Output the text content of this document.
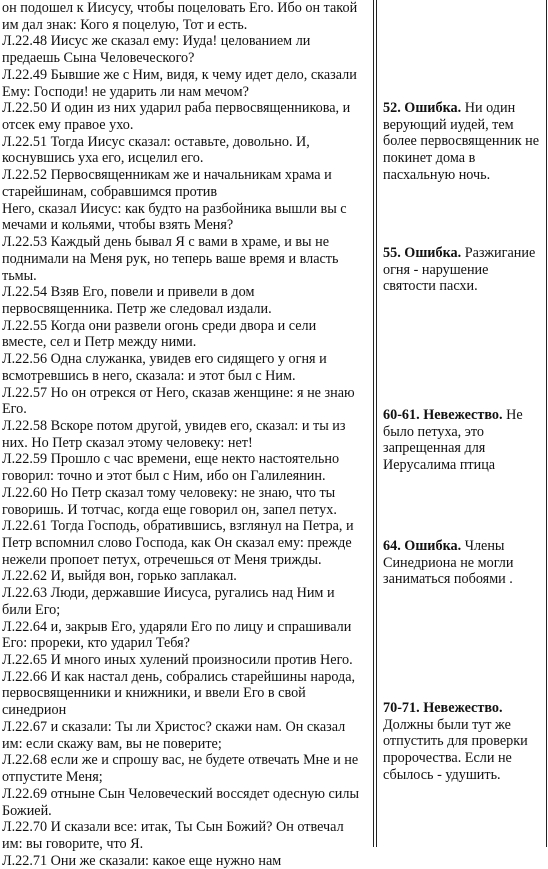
он подошел к Иисусу, чтобы поцеловать Его. Ибо он такой
им дал знак: Кого я поцелую, Тот и есть.
Л.22.48 Иисус же сказал ему: Иуда! целованием ли
предаешь Сына Человеческого?
Л.22.49 Бывшие же с Ним, видя, к чему идет дело, сказали
Ему: Господи! не ударить ли нам мечом?
Л.22.50 И один из них ударил раба первосвященникова, и
отсек ему правое ухо.
Л.22.51 Тогда Иисус сказал: оставьте, довольно. И,
коснувшись уха его, исцелил его.
Л.22.52 Первосвященникам же и начальникам храма и
старейшинам, собравшимся против
Него, сказал Иисус: как будто на разбойника вышли вы с
мечами и кольями, чтобы взять Меня?
Л.22.53 Каждый день бывал Я с вами в храме, и вы не
поднимали на Меня рук, но теперь ваше время и власть
тьмы.
Л.22.54 Взяв Его, повели и привели в дом
первосвященника. Петр же следовал издали.
Л.22.55 Когда они развели огонь среди двора и сели
вместе, сел и Петр между ними.
Л.22.56 Одна служанка, увидев его сидящего у огня и
всмотревшись в него, сказала: и этот был с Ним.
Л.22.57 Но он отрекся от Него, сказав женщине: я не знаю
Его.
Л.22.58 Вскоре потом другой, увидев его, сказал: и ты из
них. Но Петр сказал этому человеку: нет!
Л.22.59 Прошло с час времени, еще некто настоятельно
говорил: точно и этот был с Ним, ибо он Галилеянин.
Л.22.60 Но Петр сказал тому человеку: не знаю, что ты
говоришь. И тотчас, когда еще говорил он, запел петух.
Л.22.61 Тогда Господь, обратившись, взглянул на Петра, и
Петр вспомнил слово Господа, как Он сказал ему: прежде
нежели пропоет петух, отречешься от Меня трижды.
Л.22.62 И, выйдя вон, горько заплакал.
Л.22.63 Люди, державшие Иисуса, ругались над Ним и
били Его;
Л.22.64 и, закрыв Его, ударяли Его по лицу и спрашивали
Его: прореки, кто ударил Тебя?
Л.22.65 И много иных хулений произносили против Него.
Л.22.66 И как настал день, собрались старейшины народа,
первосвященники и книжники, и ввели Его в свой
синедрион
Л.22.67 и сказали: Ты ли Христос? скажи нам. Он сказал
им: если скажу вам, вы не поверите;
Л.22.68 если же и спрошу вас, не будете отвечать Мне и не
отпустите Меня;
Л.22.69 отныне Сын Человеческий воссядет одесную силы
Божией.
Л.22.70 И сказали все: итак, Ты Сын Божий? Он отвечал
им: вы говорите, что Я.
Л.22.71 Они же сказали: какое еще нужно нам
52. Ошибка. Ни один
верующий иудей, тем
более первосвященник не
покинет дома в
пасхальную ночь.
55. Ошибка. Разжигание
огня - нарушение
святости пасхи.
60-61. Невежество. Не
было петуха, это
запрещенная для
Иерусалима птица
64. Ошибка. Члены
Синедриона не могли
заниматься побоями .
70-71. Невежество.
Должны были тут же
отпустить для проверки
пророчества. Если не
сбылось - удушить.
